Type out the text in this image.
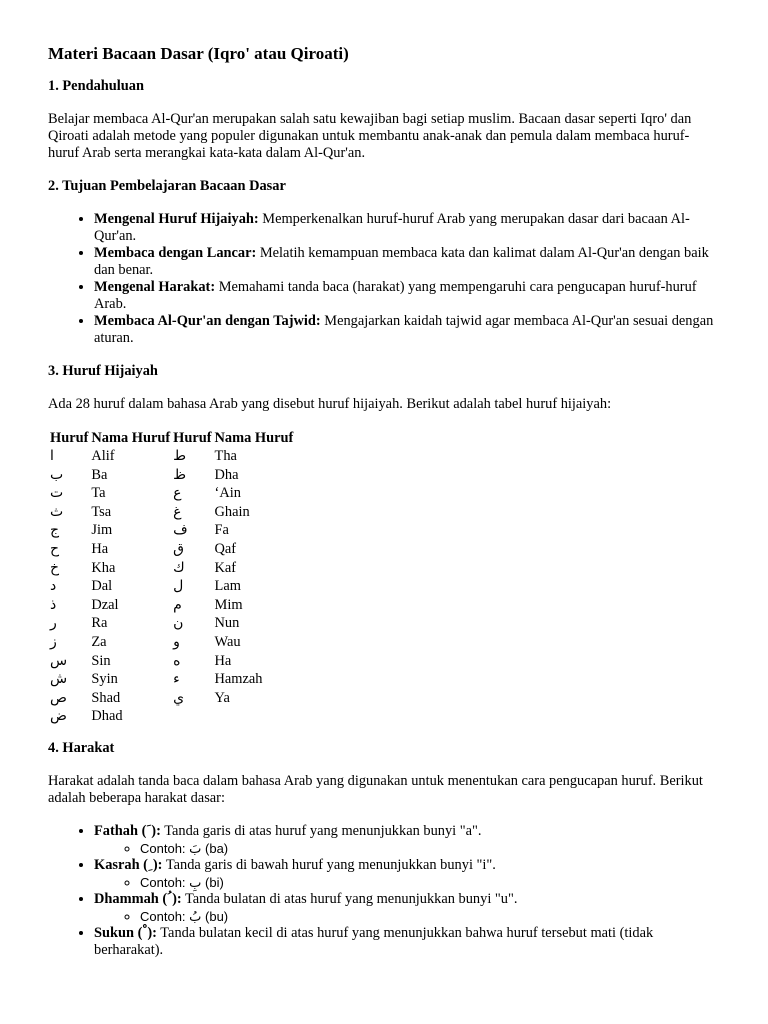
Materi Bacaan Dasar (Iqro' atau Qiroati)
1. Pendahuluan

Belajar membaca Al-Qur'an merupakan salah satu kewajiban bagi setiap muslim. Bacaan dasar seperti Iqro' dan Qiroati adalah metode yang populer digunakan untuk membantu anak-anak dan pemula dalam membaca huruf-huruf Arab serta merangkai kata-kata dalam Al-Qur'an.

2. Tujuan Pembelajaran Bacaan Dasar
• Mengenal Huruf Hijaiyah: Memperkenalkan huruf-huruf Arab yang merupakan dasar dari bacaan Al-Qur'an.
• Membaca dengan Lancar: Melatih kemampuan membaca kata dan kalimat dalam Al-Qur'an dengan baik dan benar.
• Mengenal Harakat: Memahami tanda baca (harakat) yang mempengaruhi cara pengucapan huruf-huruf Arab.
• Membaca Al-Qur'an dengan Tajwid: Mengajarkan kaidah tajwid agar membaca Al-Qur'an sesuai dengan aturan.
3. Huruf Hijaiyah

Ada 28 huruf dalam bahasa Arab yang disebut huruf hijaiyah. Berikut adalah tabel huruf hijaiyah:

Huruf	Nama Huruf	Huruf	Nama Huruf
ا	Alif	ط	Tha
ب	Ba	ظ	Dha
ت	Ta	ع	‘Ain
ث	Tsa	غ	Ghain
ج	Jim	ف	Fa
ح	Ha	ق	Qaf
خ	Kha	ك	Kaf
د	Dal	ل	Lam
ذ	Dzal	م	Mim
ر	Ra	ن	Nun
ز	Za	و	Wau
س	Sin	ه	Ha
ش	Syin	ء	Hamzah
ص	Shad	ي	Ya
ض	Dhad		
4. Harakat

Harakat adalah tanda baca dalam bahasa Arab yang digunakan untuk menentukan cara pengucapan huruf. Berikut adalah beberapa harakat dasar:

• Fathah ( َ): Tanda garis di atas huruf yang menunjukkan bunyi "a".
◦ Contoh: بَ (ba)
• Kasrah ( ِ): Tanda garis di bawah huruf yang menunjukkan bunyi "i".
◦ Contoh: بِ (bi)
• Dhammah ( ُ): Tanda bulatan di atas huruf yang menunjukkan bunyi "u".
◦ Contoh: بُ (bu)
• Sukun ( ْ): Tanda bulatan kecil di atas huruf yang menunjukkan bahwa huruf tersebut mati (tidak berharakat).
